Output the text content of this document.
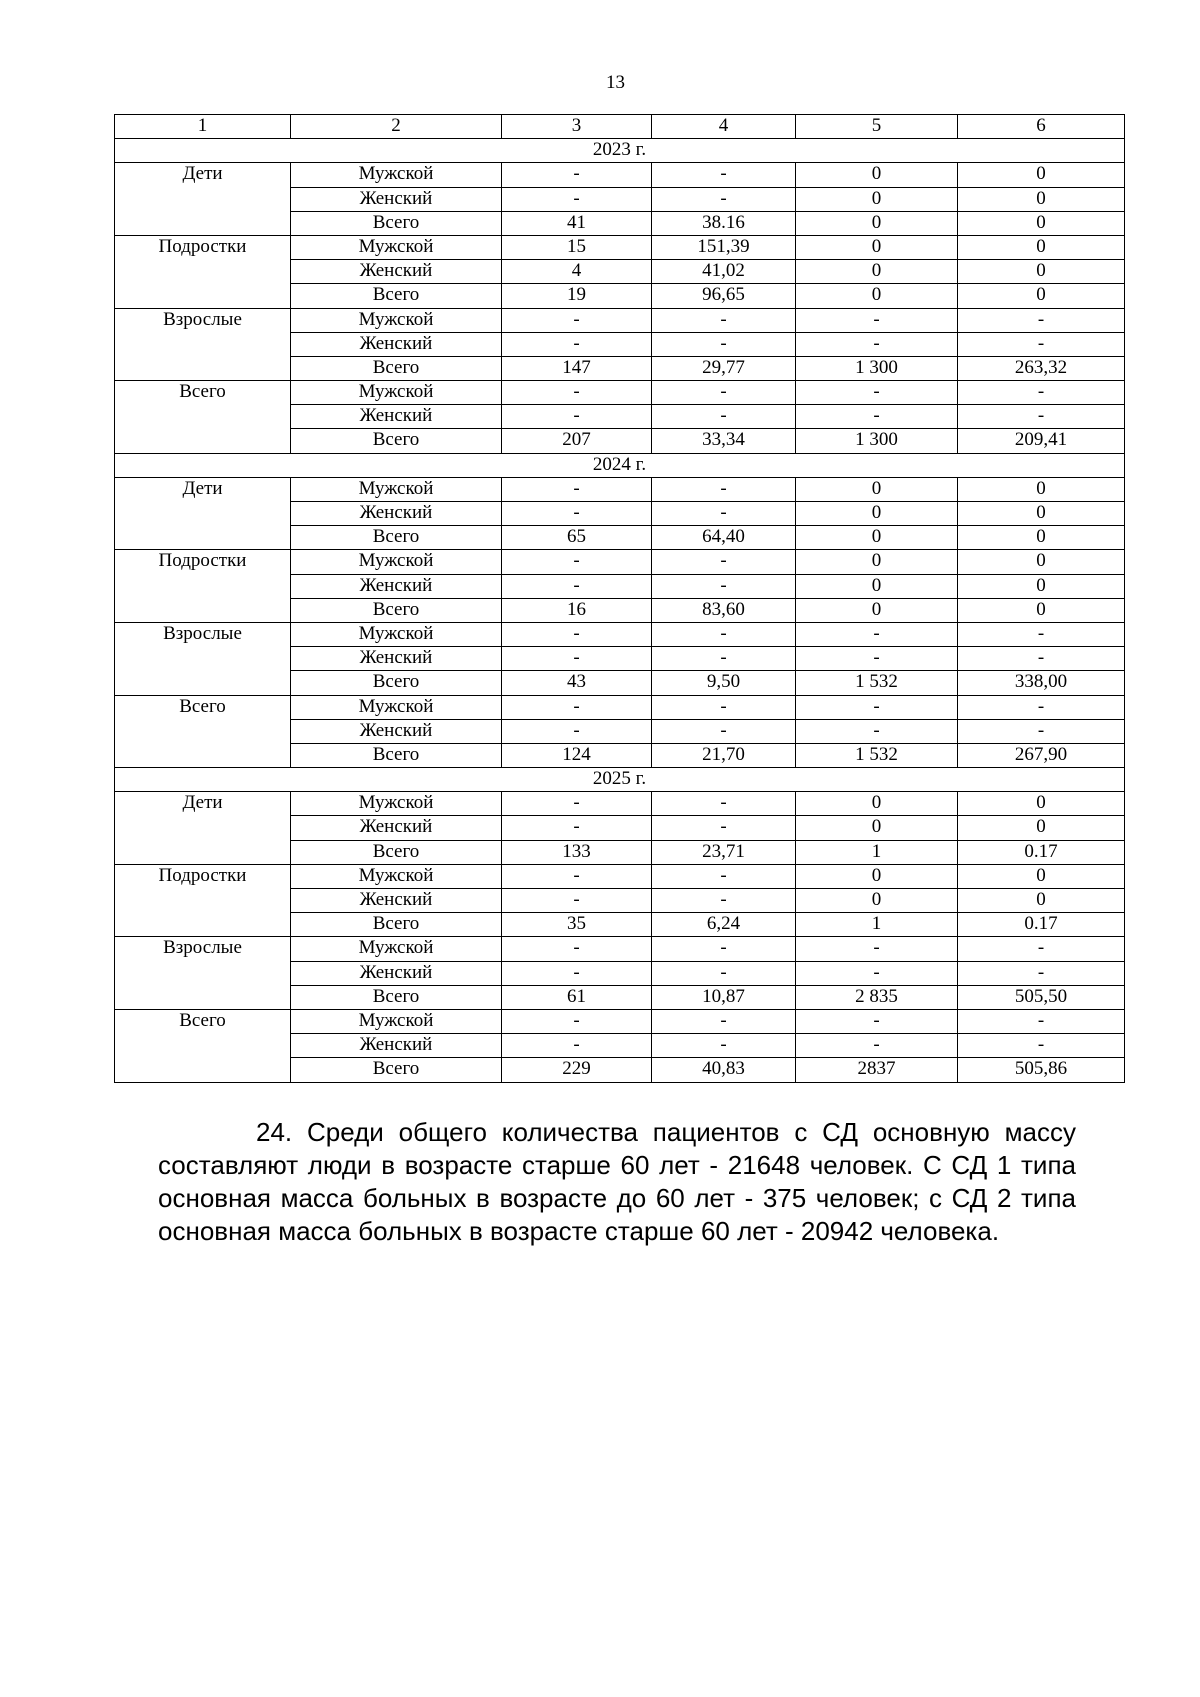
13
1	2	3	4	5	6
2023 г.					
Дети	Мужской	-	-	0	0
	Женский	-	-	0	0
	Всего	41	38.16	0	0
Подростки	Мужской	15	151,39	0	0
	Женский	4	41,02	0	0
	Всего	19	96,65	0	0
Взрослые	Мужской	-	-	-	-
	Женский	-	-	-	-
	Всего	147	29,77	1 300	263,32
Всего	Мужской	-	-	-	-
	Женский	-	-	-	-
	Всего	207	33,34	1 300	209,41
2024 г.					
Дети	Мужской	-	-	0	0
	Женский	-	-	0	0
	Всего	65	64,40	0	0
Подростки	Мужской	-	-	0	0
	Женский	-	-	0	0
	Всего	16	83,60	0	0
Взрослые	Мужской	-	-	-	-
	Женский	-	-	-	-
	Всего	43	9,50	1 532	338,00
Всего	Мужской	-	-	-	-
	Женский	-	-	-	-
	Всего	124	21,70	1 532	267,90
2025 г.					
Дети	Мужской	-	-	0	0
	Женский	-	-	0	0
	Всего	133	23,71	1	0.17
Подростки	Мужской	-	-	0	0
	Женский	-	-	0	0
	Всего	35	6,24	1	0.17
Взрослые	Мужской	-	-	-	-
	Женский	-	-	-	-
	Всего	61	10,87	2 835	505,50
Всего	Мужской	-	-	-	-
	Женский	-	-	-	-
	Всего	229	40,83	2837	505,86

24. Среди общего количества пациентов с СД основную массу составляют люди в возрасте старше 60 лет - 21648 человек. С СД 1 типа основная масса больных в возрасте до 60 лет - 375 человек; с СД 2 типа основная масса больных в возрасте старше 60 лет - 20942 человека.
